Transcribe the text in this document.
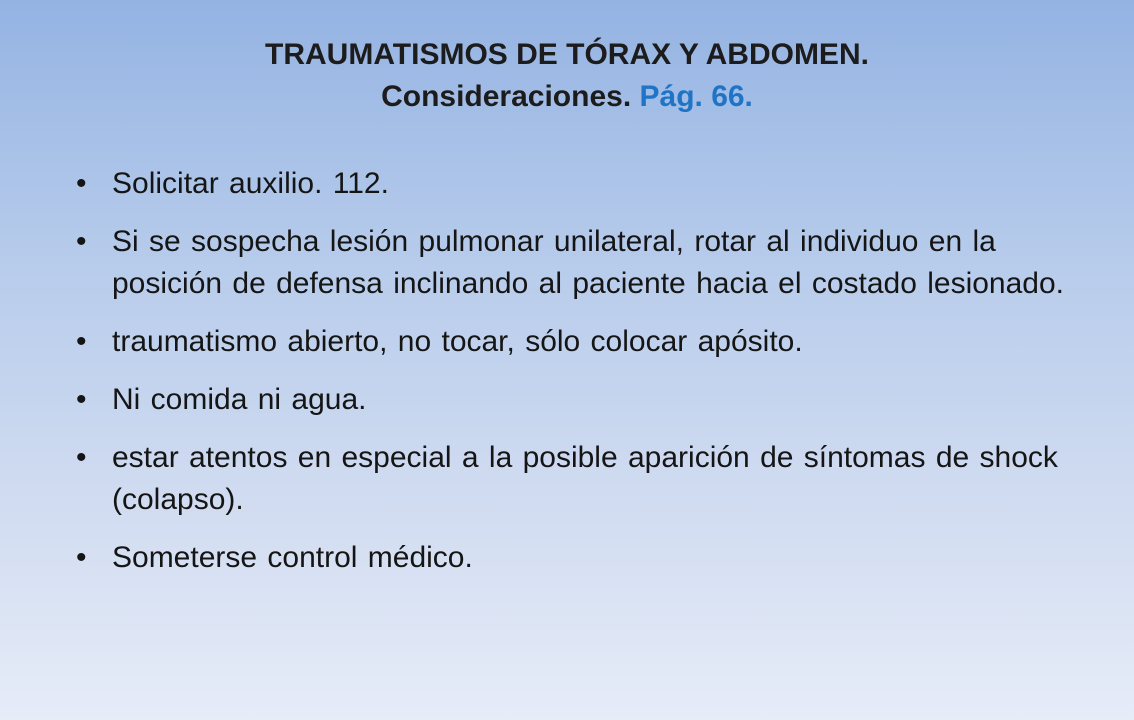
TRAUMATISMOS DE TÓRAX Y ABDOMEN.
Consideraciones. Pág. 66.
• Solicitar auxilio. 112.
• Si se sospecha lesión pulmonar unilateral, rotar al individuo en la posición de defensa inclinando al paciente hacia el costado lesionado.
• traumatismo abierto, no tocar, sólo colocar apósito.
• Ni comida ni agua.
• estar atentos en especial a la posible aparición de síntomas de shock (colapso).
• Someterse control médico.
